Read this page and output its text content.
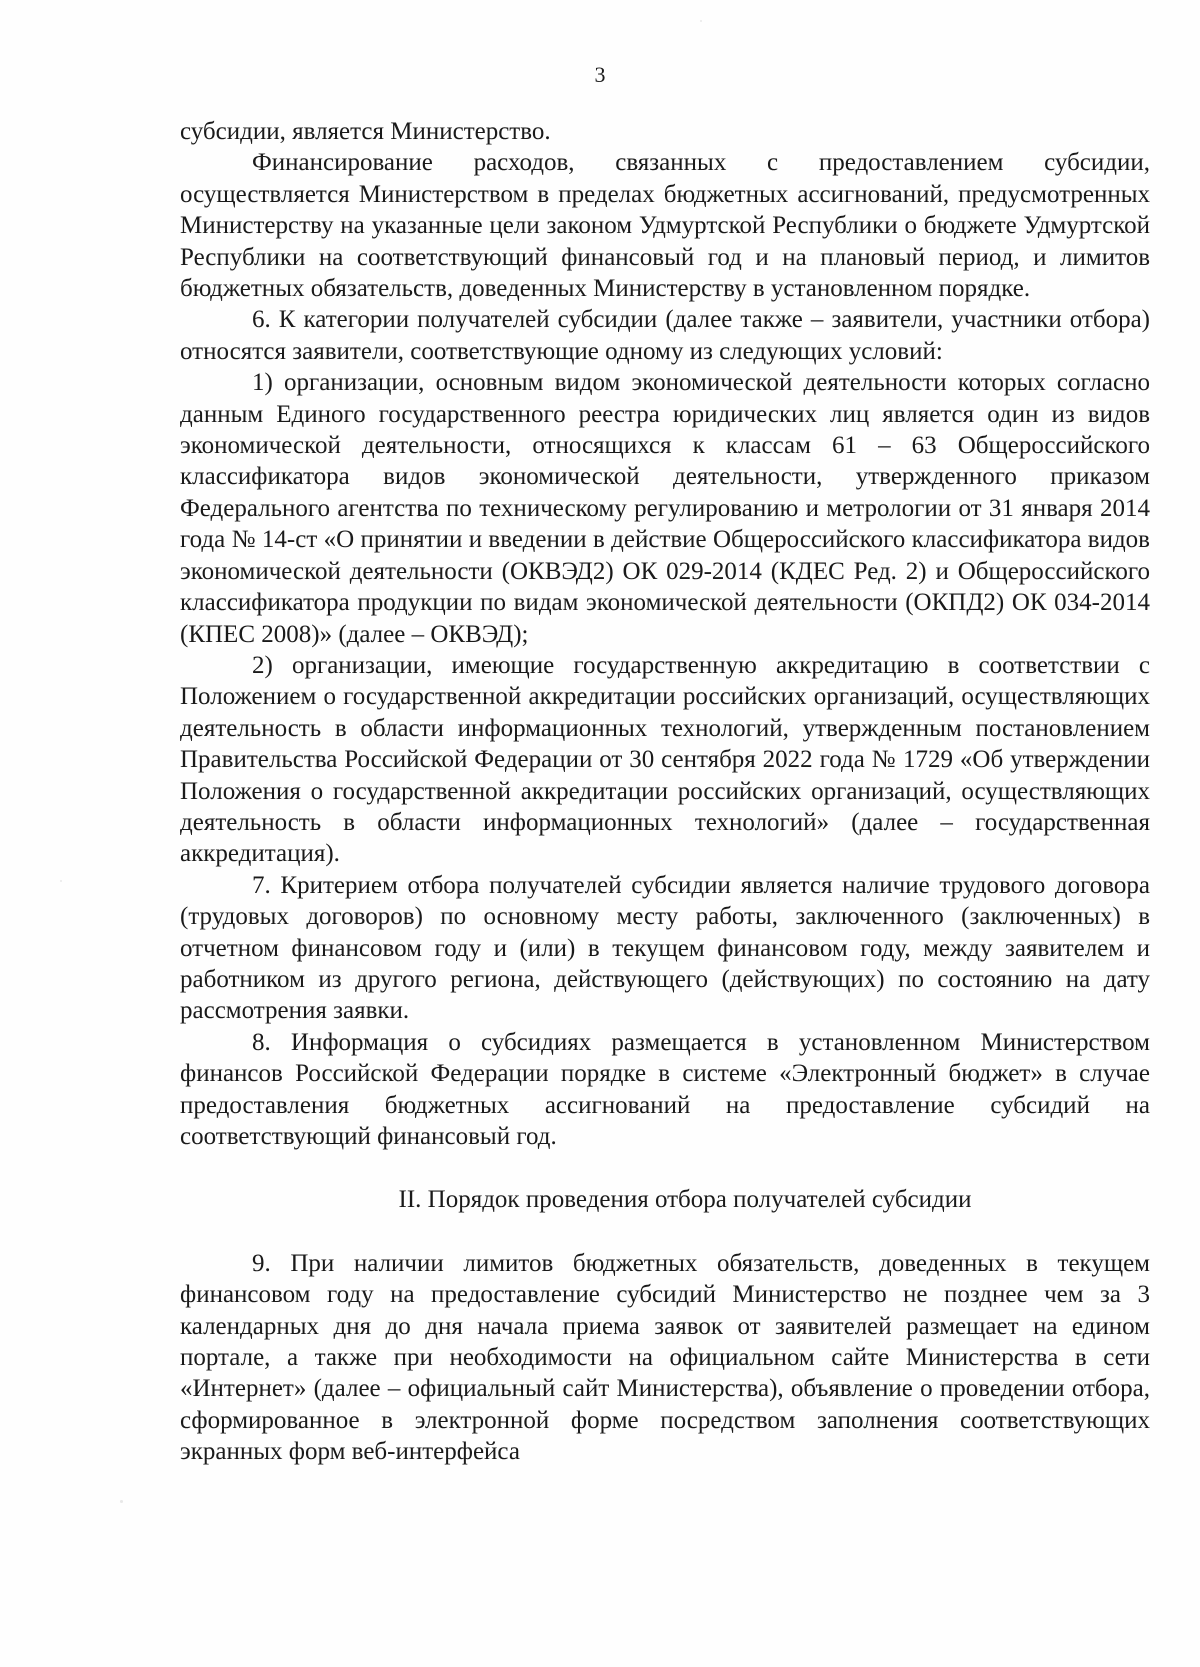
3

субсидии, является Министерство.

Финансирование расходов, связанных с предоставлением субсидии, осуществляется Министерством в пределах бюджетных ассигнований, предусмотренных Министерству на указанные цели законом Удмуртской Республики о бюджете Удмуртской Республики на соответствующий финансовый год и на плановый период, и лимитов бюджетных обязательств, доведенных Министерству в установленном порядке.

6. К категории получателей субсидии (далее также – заявители, участники отбора) относятся заявители, соответствующие одному из следующих условий:

1) организации, основным видом экономической деятельности которых согласно данным Единого государственного реестра юридических лиц является один из видов экономической деятельности, относящихся к классам 61 – 63 Общероссийского классификатора видов экономической деятельности, утвержденного приказом Федерального агентства по техническому регулированию и метрологии от 31 января 2014 года № 14-ст «О принятии и введении в действие Общероссийского классификатора видов экономической деятельности (ОКВЭД2) ОК 029-2014 (КДЕС Ред. 2) и Общероссийского классификатора продукции по видам экономической деятельности (ОКПД2) ОК 034-2014 (КПЕС 2008)» (далее – ОКВЭД);

2) организации, имеющие государственную аккредитацию в соответствии с Положением о государственной аккредитации российских организаций, осуществляющих деятельность в области информационных технологий, утвержденным постановлением Правительства Российской Федерации от 30 сентября 2022 года № 1729 «Об утверждении Положения о государственной аккредитации российских организаций, осуществляющих деятельность в области информационных технологий» (далее – государственная аккредитация).

7. Критерием отбора получателей субсидии является наличие трудового договора (трудовых договоров) по основному месту работы, заключенного (заключенных) в отчетном финансовом году и (или) в текущем финансовом году, между заявителем и работником из другого региона, действующего (действующих) по состоянию на дату рассмотрения заявки.

8. Информация о субсидиях размещается в установленном Министерством финансов Российской Федерации порядке в системе «Электронный бюджет» в случае предоставления бюджетных ассигнований на предоставление субсидий на соответствующий финансовый год.

II. Порядок проведения отбора получателей субсидии

9. При наличии лимитов бюджетных обязательств, доведенных в текущем финансовом году на предоставление субсидий Министерство не позднее чем за 3 календарных дня до дня начала приема заявок от заявителей размещает на едином портале, а также при необходимости на официальном сайте Министерства в сети «Интернет» (далее – официальный сайт Министерства), объявление о проведении отбора, сформированное в электронной форме посредством заполнения соответствующих экранных форм веб-интерфейса
